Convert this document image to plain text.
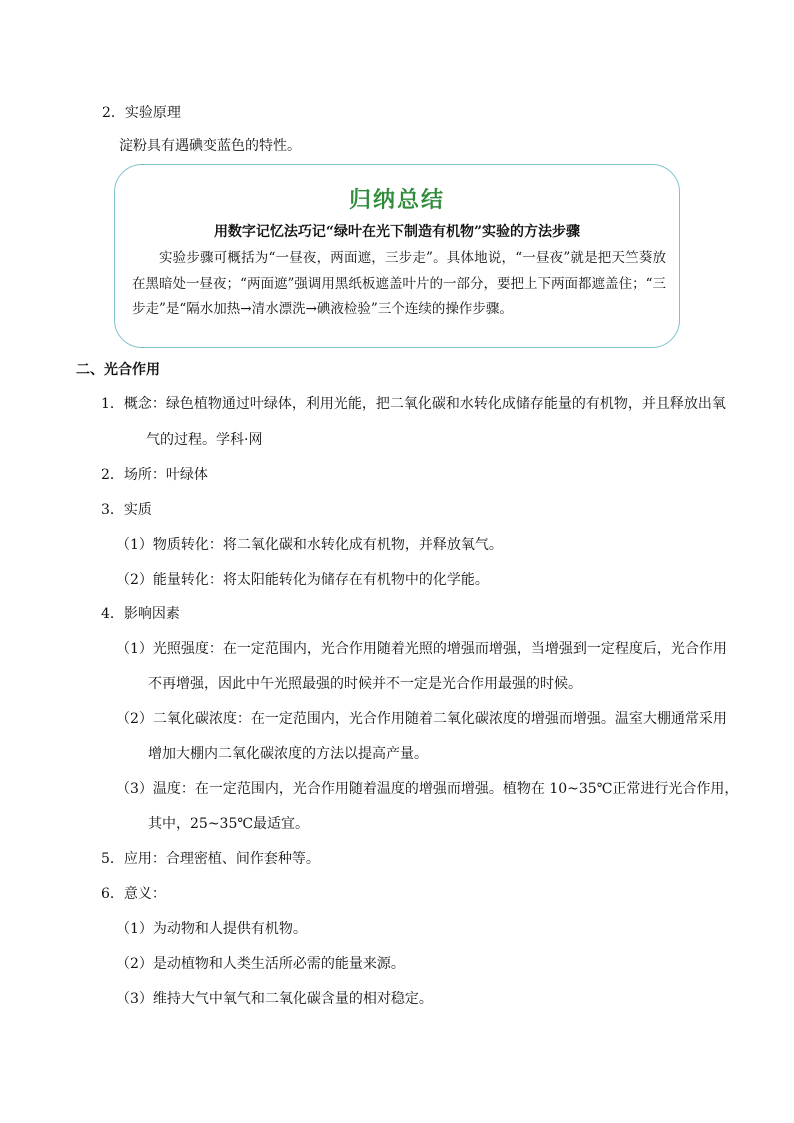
2．实验原理
淀粉具有遇碘变蓝色的特性。
归纳总结
用数字记忆法巧记“绿叶在光下制造有机物”实验的方法步骤
实验步骤可概括为“一昼夜，两面遮，三步走”。具体地说，“一昼夜”就是把天竺葵放在黑暗处一昼夜；“两面遮”强调用黑纸板遮盖叶片的一部分，要把上下两面都遮盖住；“三步走”是“隔水加热→清水漂洗→碘液检验”三个连续的操作步骤。
二、光合作用
1．概念：绿色植物通过叶绿体，利用光能，把二氧化碳和水转化成储存能量的有机物，并且释放出氧
气的过程。学科·网
2．场所：叶绿体
3．实质
（1）物质转化：将二氧化碳和水转化成有机物，并释放氧气。
（2）能量转化：将太阳能转化为储存在有机物中的化学能。
4．影响因素
（1）光照强度：在一定范围内，光合作用随着光照的增强而增强，当增强到一定程度后，光合作用
不再增强，因此中午光照最强的时候并不一定是光合作用最强的时候。
（2）二氧化碳浓度：在一定范围内，光合作用随着二氧化碳浓度的增强而增强。温室大棚通常采用
增加大棚内二氧化碳浓度的方法以提高产量。
（3）温度：在一定范围内，光合作用随着温度的增强而增强。植物在 10~35℃正常进行光合作用，
其中，25~35℃最适宜。
5．应用：合理密植、间作套种等。
6．意义：
（1）为动物和人提供有机物。
（2）是动植物和人类生活所必需的能量来源。
（3）维持大气中氧气和二氧化碳含量的相对稳定。
